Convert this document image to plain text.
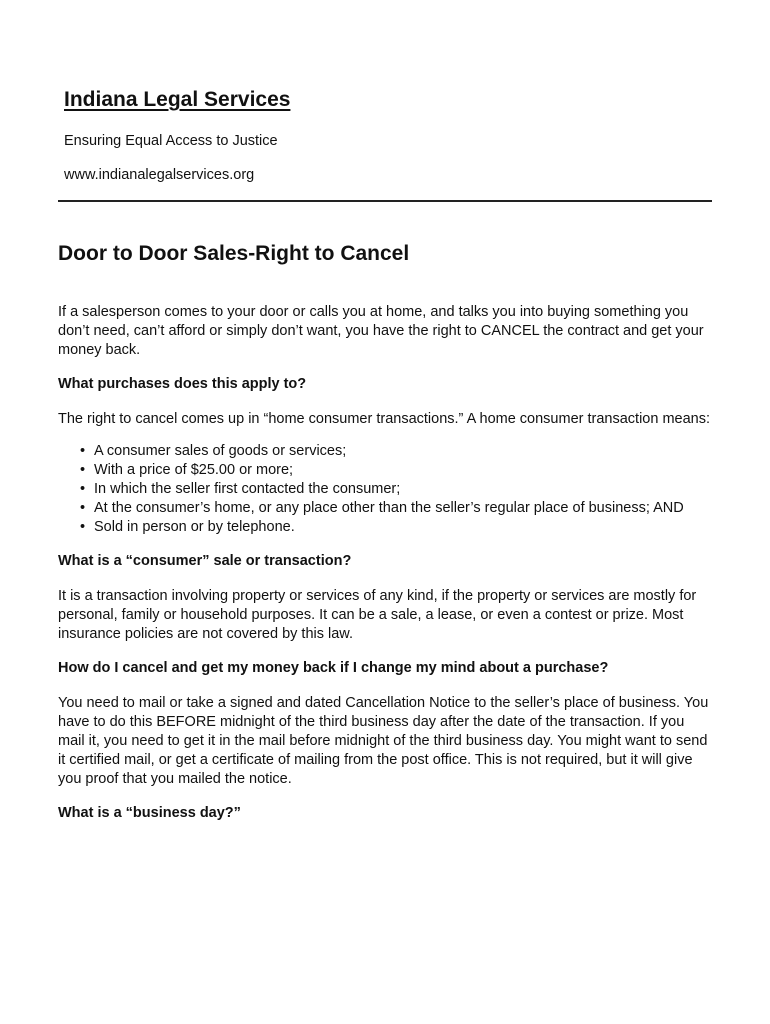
Indiana Legal Services
Ensuring Equal Access to Justice
www.indianalegalservices.org
Door to Door Sales-Right to Cancel

If a salesperson comes to your door or calls you at home, and talks you into buying something you don’t need, can’t afford or simply don’t want, you have the right to CANCEL the contract and get your money back.

What purchases does this apply to?

The right to cancel comes up in “home consumer transactions.” A home consumer transaction means:

• A consumer sales of goods or services;
• With a price of $25.00 or more;
• In which the seller first contacted the consumer;
• At the consumer’s home, or any place other than the seller’s regular place of business; AND
• Sold in person or by telephone.

What is a “consumer” sale or transaction?

It is a transaction involving property or services of any kind, if the property or services are mostly for personal, family or household purposes. It can be a sale, a lease, or even a contest or prize. Most insurance policies are not covered by this law.

How do I cancel and get my money back if I change my mind about a purchase?

You need to mail or take a signed and dated Cancellation Notice to the seller’s place of business. You have to do this BEFORE midnight of the third business day after the date of the transaction. If you mail it, you need to get it in the mail before midnight of the third business day. You might want to send it certified mail, or get a certificate of mailing from the post office. This is not required, but it will give you proof that you mailed the notice.

What is a “business day?”
